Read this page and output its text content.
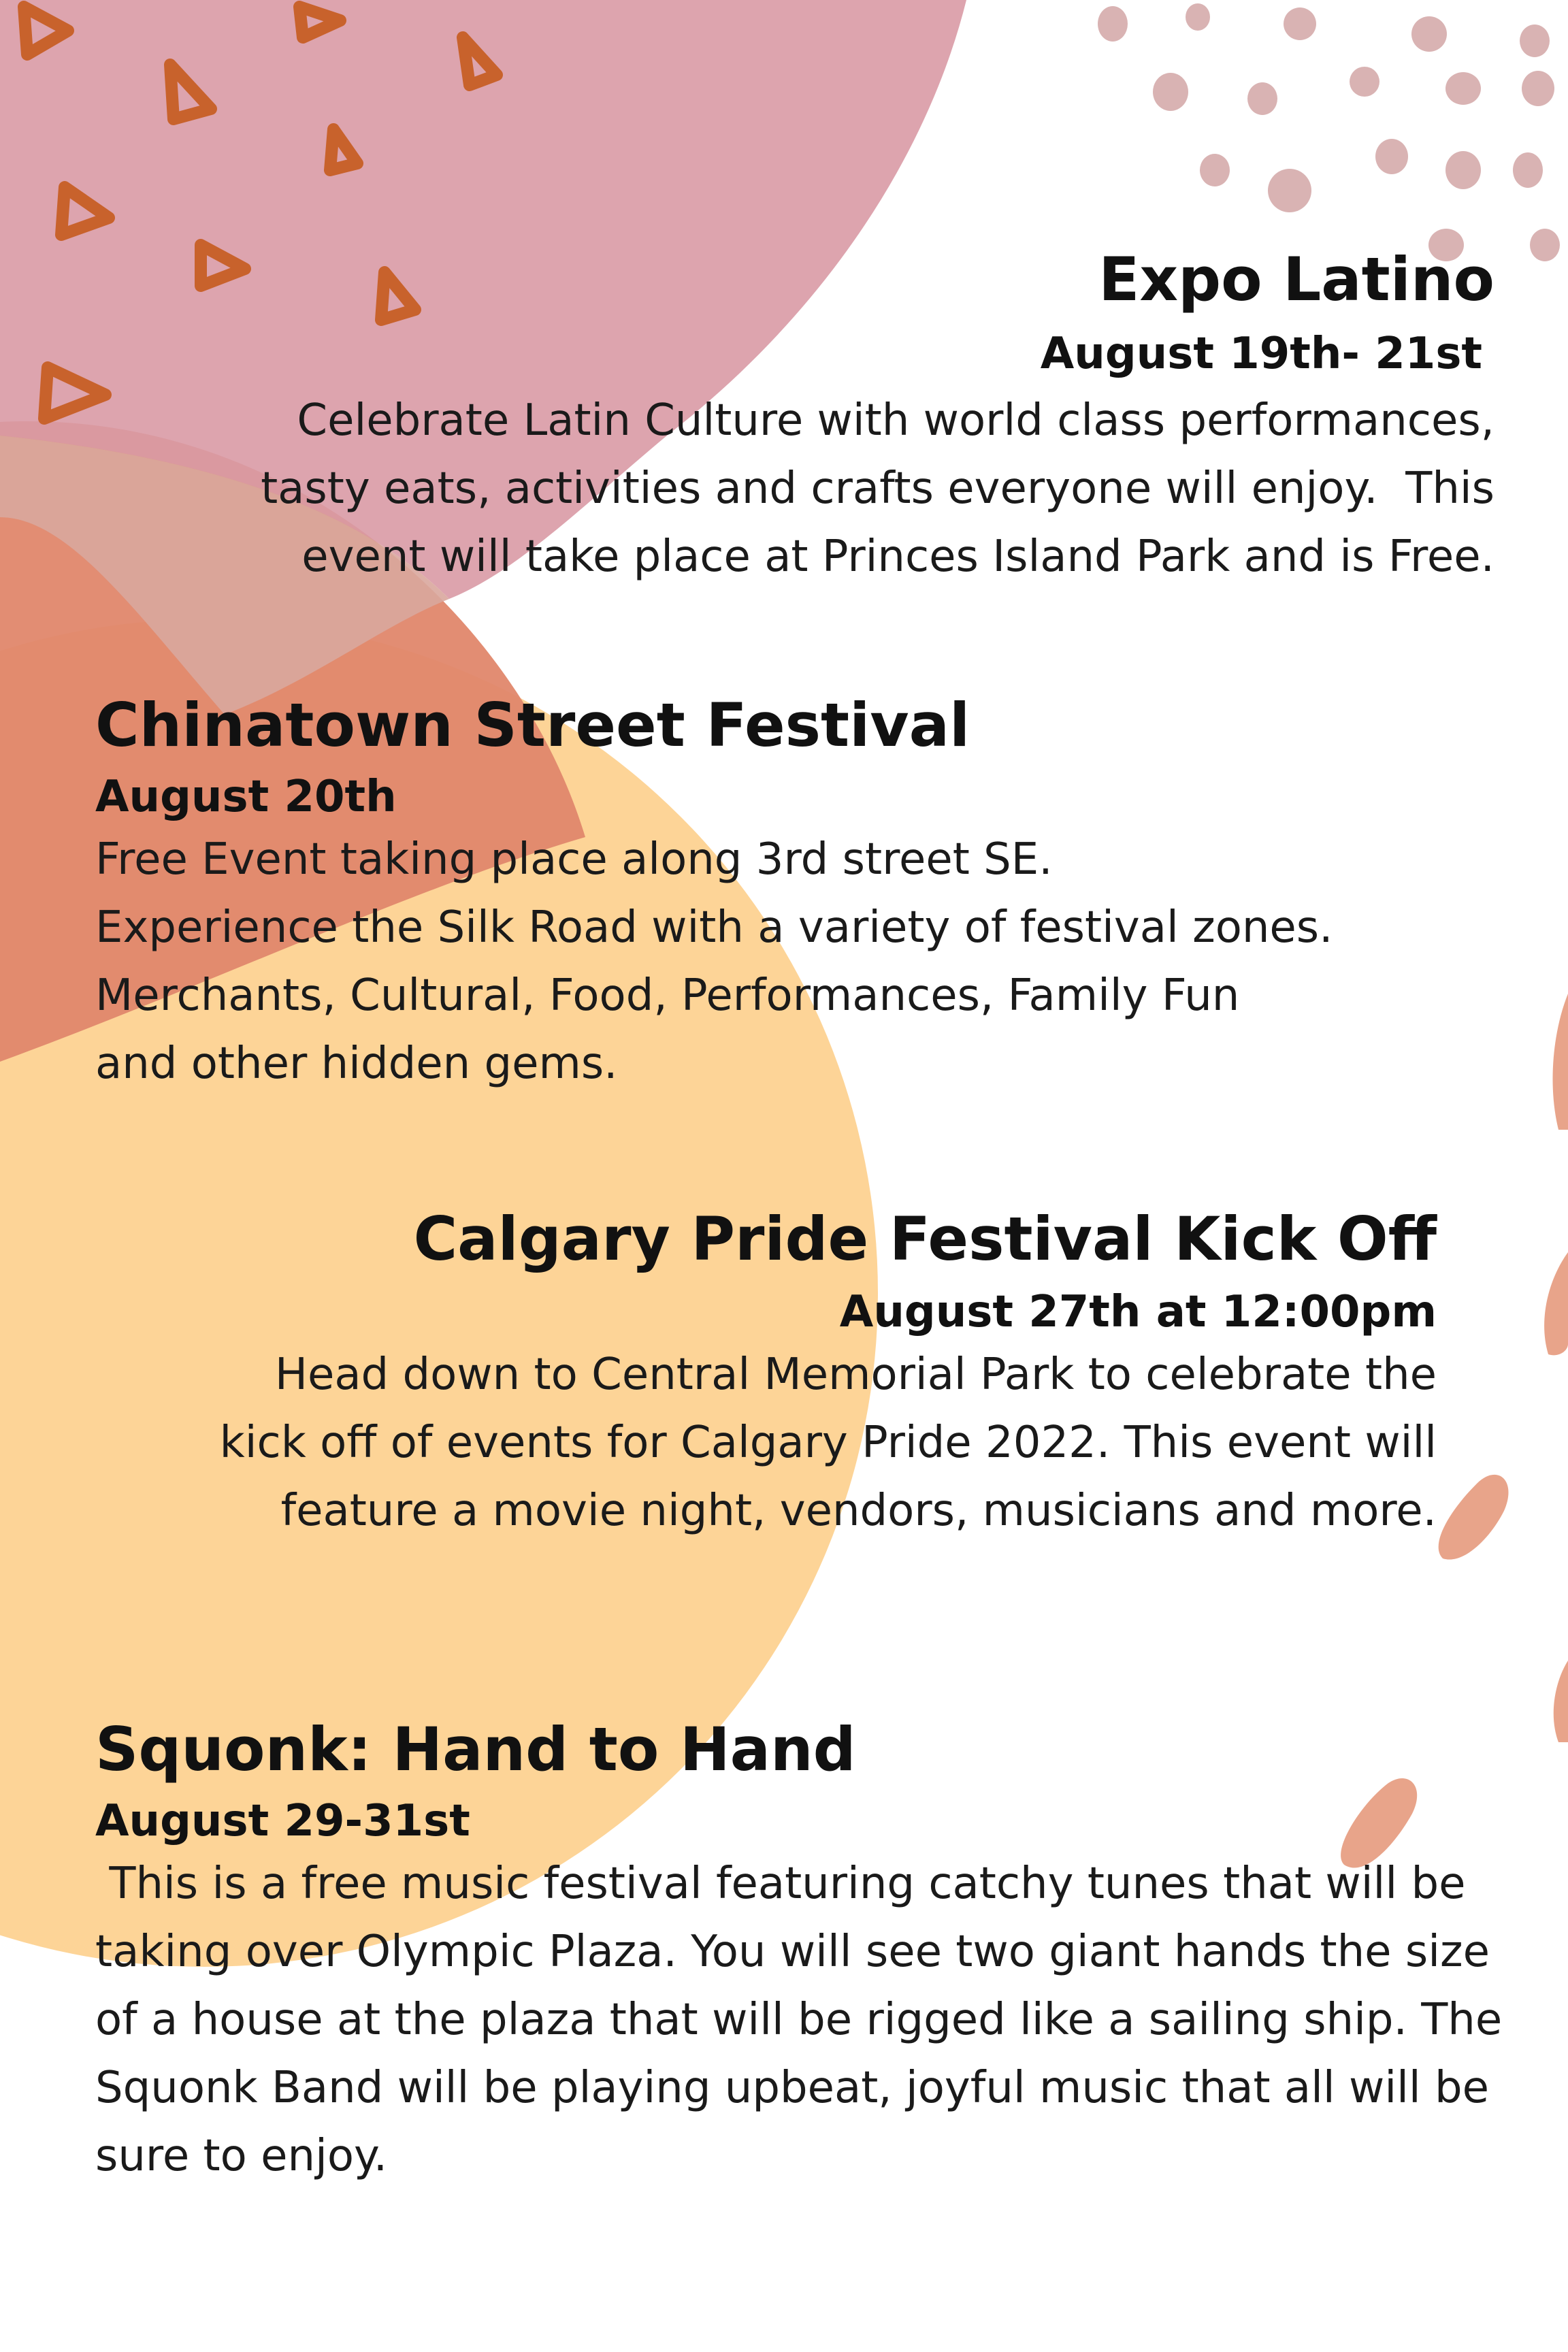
Expo Latino
August 19th- 21st

Celebrate Latin Culture with world class performances,
tasty eats, activities and crafts everyone will enjoy.  This
event will take place at Princes Island Park and is Free.

Chinatown Street Festival
August 20th

Free Event taking place along 3rd street SE.
Experience the Silk Road with a variety of festival zones.
Merchants, Cultural, Food, Performances, Family Fun
and other hidden gems.

Calgary Pride Festival Kick Off
August 27th at 12:00pm

Head down to Central Memorial Park to celebrate the
kick off of events for Calgary Pride 2022. This event will
feature a movie night, vendors, musicians and more.

Squonk: Hand to Hand
August 29-31st

This is a free music festival featuring catchy tunes that will be
taking over Olympic Plaza. You will see two giant hands the size
of a house at the plaza that will be rigged like a sailing ship. The
Squonk Band will be playing upbeat, joyful music that all will be
sure to enjoy.
